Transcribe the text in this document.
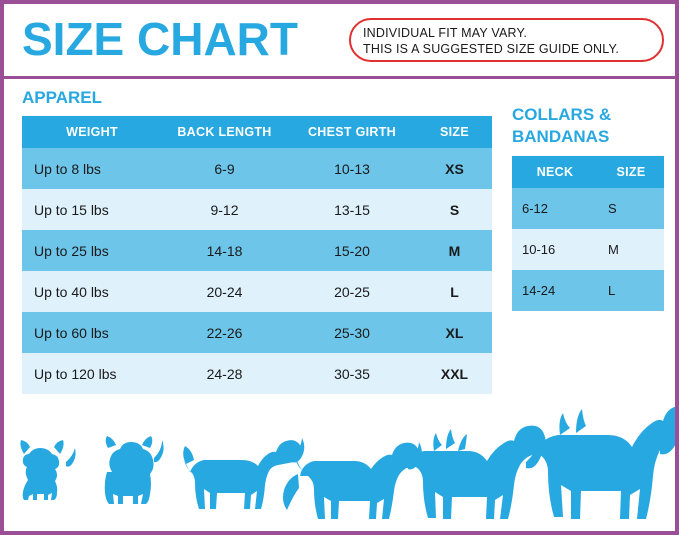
SIZE CHART	INDIVIDUAL FIT MAY VARY.
THIS IS A SUGGESTED SIZE GUIDE ONLY.
APPAREL
COLLARS & BANDANAS
WEIGHT	BACK LENGTH	CHEST GIRTH	SIZE
Up to 8 lbs	6-9	10-13	XS
Up to 15 lbs	9-12	13-15	S
Up to 25 lbs	14-18	15-20	M
Up to 40 lbs	20-24	20-25	L
Up to 60 lbs	22-26	25-30	XL
Up to 120 lbs	24-28	30-35	XXL
NECK	SIZE
6-12	S
10-16	M
14-24	L
